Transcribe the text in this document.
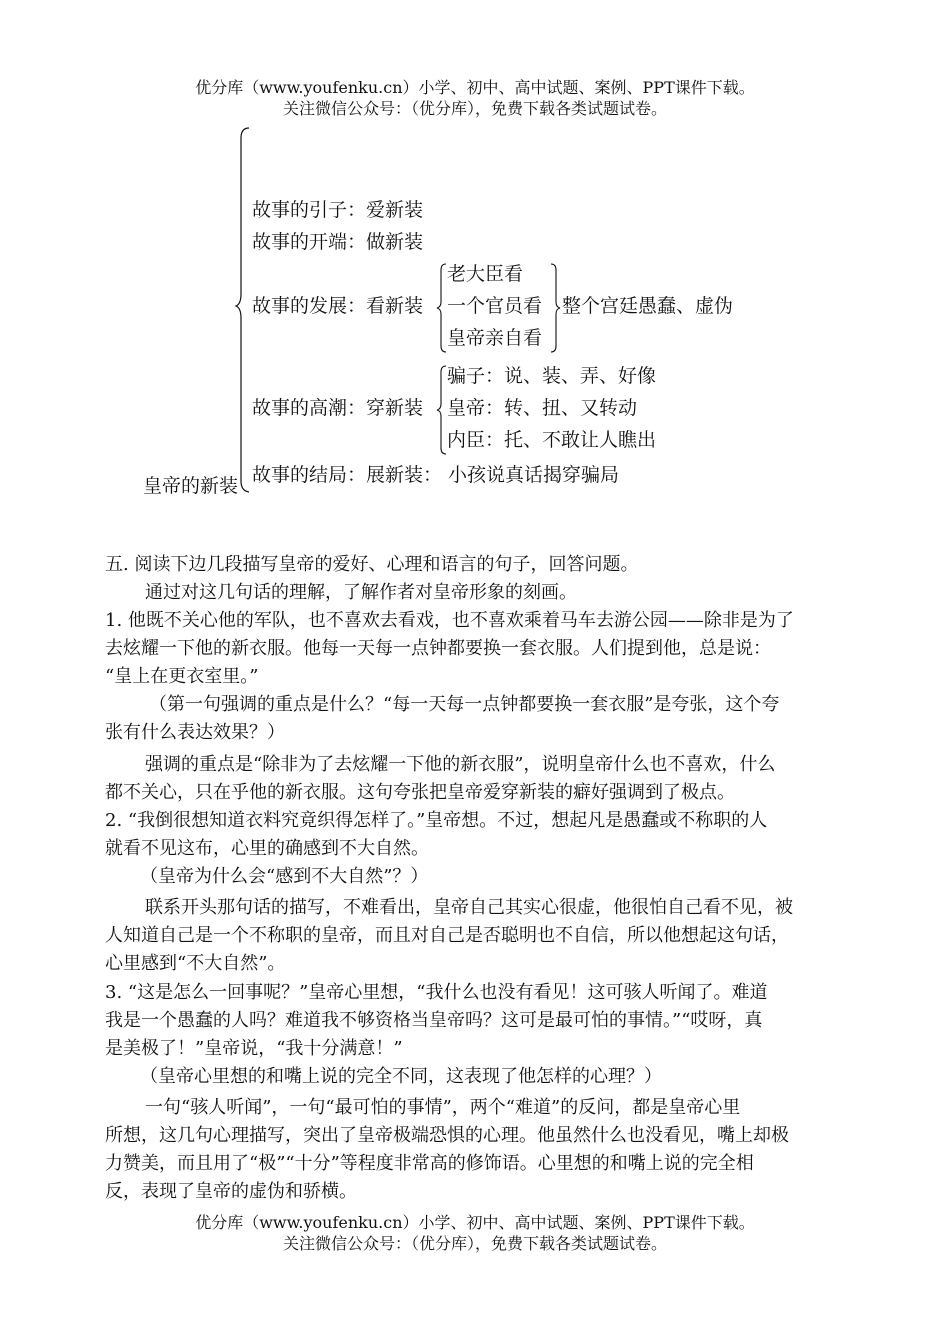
优分库（www.youfenku.cn）小学、初中、高中试题、案例、PPT课件下载。
关注微信公众号：（优分库），免费下载各类试题试卷。
皇帝的新装
故事的引子：爱新装
故事的开端：做新装
故事的发展：看新装
老大臣看
一个官员看
皇帝亲自看
整个宫廷愚蠢、虚伪
故事的高潮：穿新装
骗子：说、装、弄、好像
皇帝：转、扭、又转动
内臣：托、不敢让人瞧出
故事的结局：展新装： 小孩说真话揭穿骗局
五. 阅读下边几段描写皇帝的爱好、心理和语言的句子，回答问题。
通过对这几句话的理解，了解作者对皇帝形象的刻画。
1. 他既不关心他的军队，也不喜欢去看戏，也不喜欢乘着马车去游公园——除非是为了
去炫耀一下他的新衣服。他每一天每一点钟都要换一套衣服。人们提到他，总是说：
“皇上在更衣室里。”
（第一句强调的重点是什么？“每一天每一点钟都要换一套衣服”是夸张，这个夸
张有什么表达效果？）
强调的重点是“除非为了去炫耀一下他的新衣服”，说明皇帝什么也不喜欢，什么
都不关心，只在乎他的新衣服。这句夸张把皇帝爱穿新装的癖好强调到了极点。
2. “我倒很想知道衣料究竟织得怎样了。”皇帝想。不过，想起凡是愚蠢或不称职的人
就看不见这布，心里的确感到不大自然。
（皇帝为什么会“感到不大自然”？）
联系开头那句话的描写，不难看出，皇帝自己其实心很虚，他很怕自己看不见，被
人知道自己是一个不称职的皇帝，而且对自己是否聪明也不自信，所以他想起这句话，
心里感到“不大自然”。
3. “这是怎么一回事呢？”皇帝心里想，“我什么也没有看见！这可骇人听闻了。难道
我是一个愚蠢的人吗？难道我不够资格当皇帝吗？这可是最可怕的事情。”“哎呀，真
是美极了！”皇帝说，“我十分满意！”
（皇帝心里想的和嘴上说的完全不同，这表现了他怎样的心理？）
一句“骇人听闻”，一句“最可怕的事情”，两个“难道”的反问，都是皇帝心里
所想，这几句心理描写，突出了皇帝极端恐惧的心理。他虽然什么也没看见，嘴上却极
力赞美，而且用了“极”“十分”等程度非常高的修饰语。心里想的和嘴上说的完全相
反，表现了皇帝的虚伪和骄横。
优分库（www.youfenku.cn）小学、初中、高中试题、案例、PPT课件下载。
关注微信公众号：（优分库），免费下载各类试题试卷。
